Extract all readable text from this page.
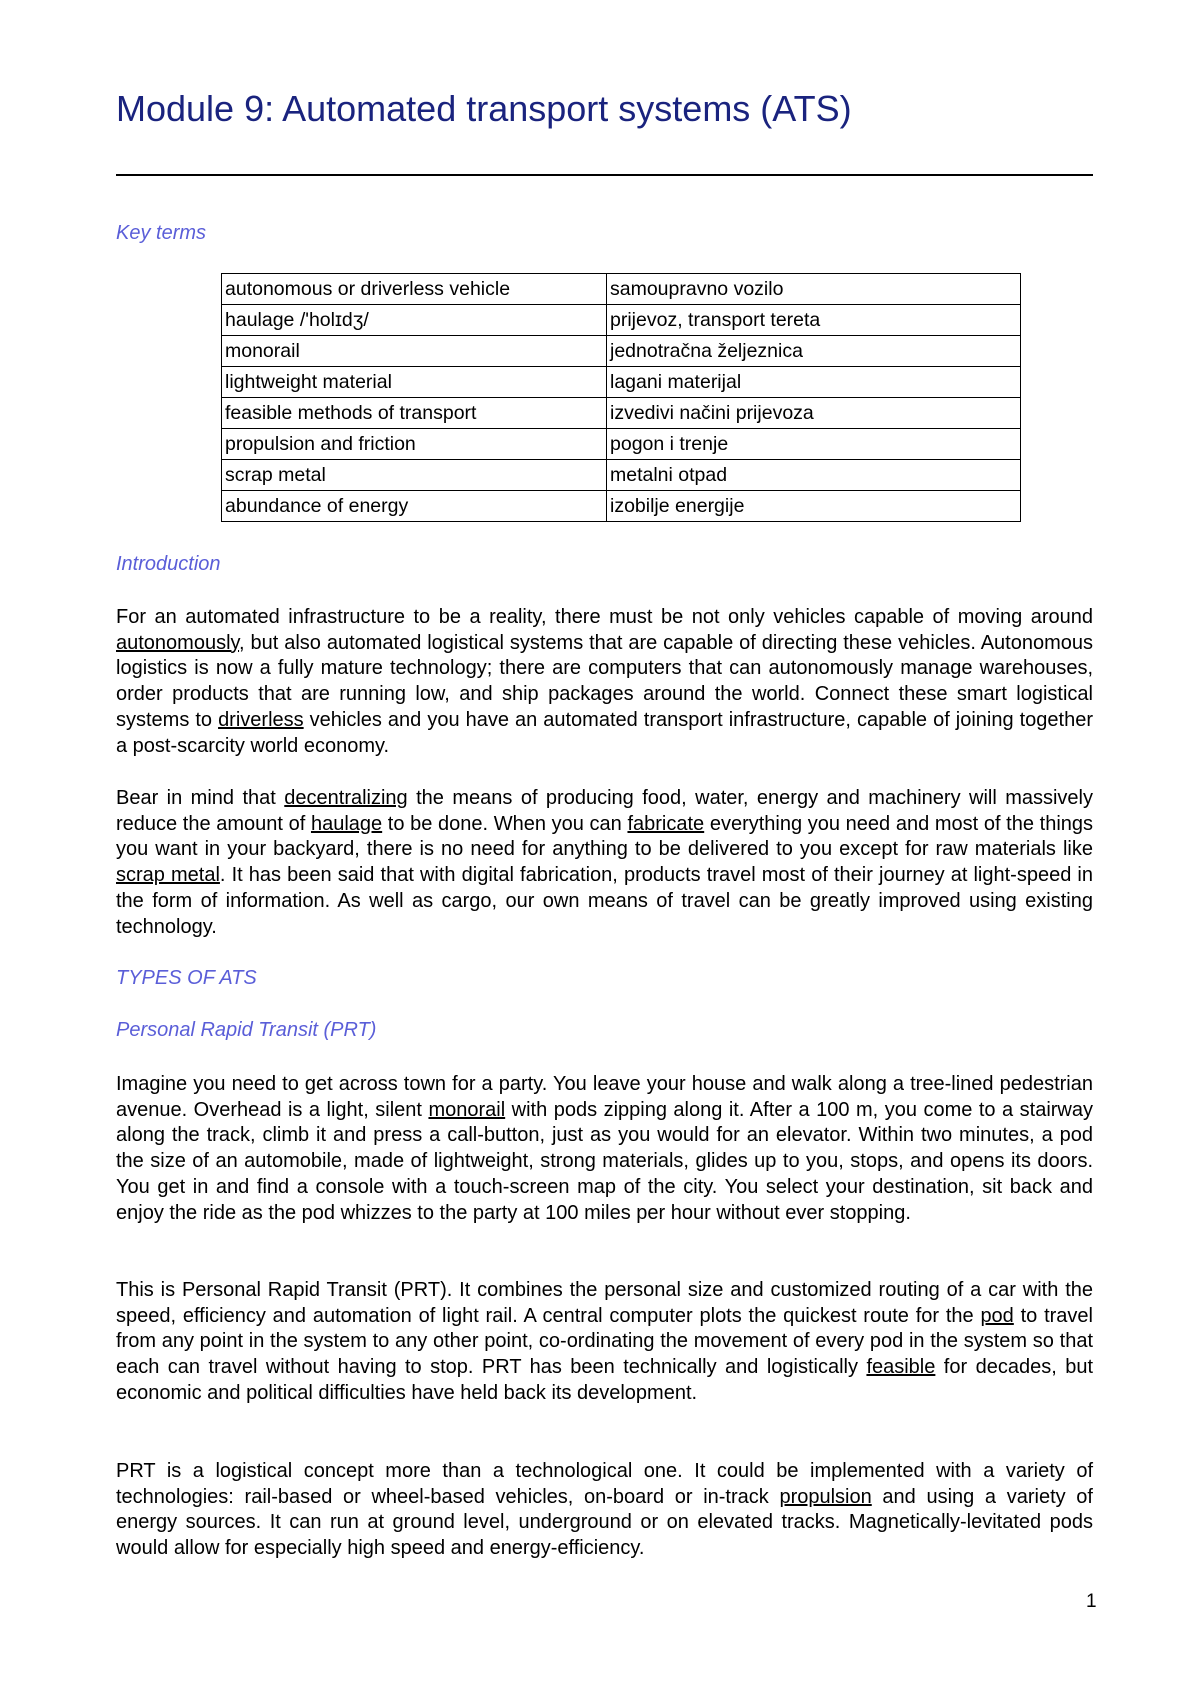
Module 9: Automated transport systems (ATS)

Key terms

autonomous or driverless vehicle	samoupravno vozilo
haulage /'holɪdʒ/	prijevoz, transport tereta
monorail	jednotračna željeznica
lightweight material	lagani materijal
feasible methods of transport	izvedivi načini prijevoza
propulsion and friction	pogon i trenje
scrap metal	metalni otpad
abundance of energy	izobilje energije

Introduction

For an automated infrastructure to be a reality, there must be not only vehicles capable of moving around autonomously, but also automated logistical systems that are capable of directing these vehicles. Autonomous logistics is now a fully mature technology; there are computers that can autonomously manage warehouses, order products that are running low, and ship packages around the world. Connect these smart logistical systems to driverless vehicles and you have an automated transport infrastructure, capable of joining together a post-scarcity world economy.

Bear in mind that decentralizing the means of producing food, water, energy and machinery will massively reduce the amount of haulage to be done. When you can fabricate everything you need and most of the things you want in your backyard, there is no need for anything to be delivered to you except for raw materials like scrap metal. It has been said that with digital fabrication, products travel most of their journey at light-speed in the form of information. As well as cargo, our own means of travel can be greatly improved using existing technology.

TYPES OF ATS

Personal Rapid Transit (PRT)

Imagine you need to get across town for a party. You leave your house and walk along a tree-lined pedestrian avenue. Overhead is a light, silent monorail with pods zipping along it. After a 100 m, you come to a stairway along the track, climb it and press a call-button, just as you would for an elevator. Within two minutes, a pod the size of an automobile, made of lightweight, strong materials, glides up to you, stops, and opens its doors. You get in and find a console with a touch-screen map of the city. You select your destination, sit back and enjoy the ride as the pod whizzes to the party at 100 miles per hour without ever stopping.

This is Personal Rapid Transit (PRT). It combines the personal size and customized routing of a car with the speed, efficiency and automation of light rail. A central computer plots the quickest route for the pod to travel from any point in the system to any other point, co-ordinating the movement of every pod in the system so that each can travel without having to stop. PRT has been technically and logistically feasible for decades, but economic and political difficulties have held back its development.

PRT is a logistical concept more than a technological one. It could be implemented with a variety of technologies: rail-based or wheel-based vehicles, on-board or in-track propulsion and using a variety of energy sources. It can run at ground level, underground or on elevated tracks. Magnetically-levitated pods would allow for especially high speed and energy-efficiency.

1
